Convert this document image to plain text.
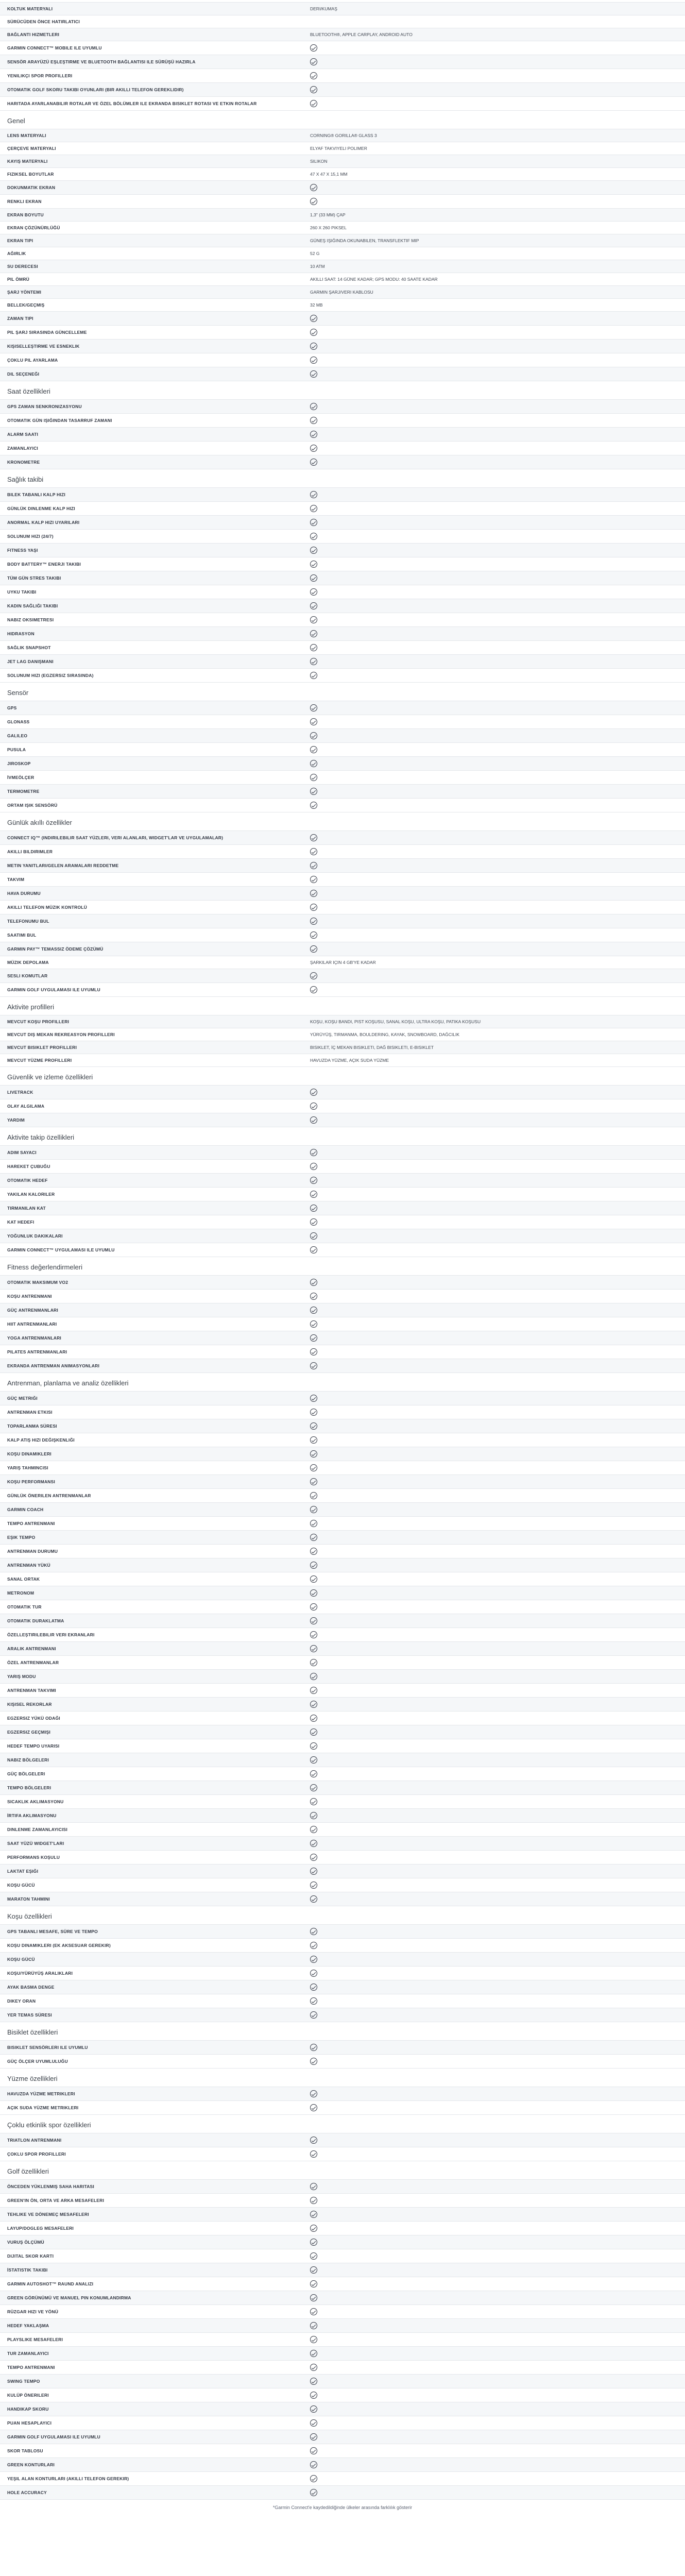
KOLTUK MATERYALI	DERI/KUMAŞ
SÜRÜCÜDEN ÖNCE HATIRLATICI
BAĞLANTI HIZMETLERI	BLUETOOTH®, APPLE CARPLAY, ANDROID AUTO
GARMIN CONNECT™ MOBILE ILE UYUMLU
SENSÖR ARAYÜZÜ EŞLEŞTIRME VE BLUETOOTH BAĞLANTISI ILE SÜRÜŞÜ HAZIRLA
YENILIKÇI SPOR PROFILLERI
OTOMATIK GOLF SKORU TAKIBI OYUNLARI (BIR AKILLI TELEFON GEREKLIDIR)
HARITADA AYARLANABILIR ROTALAR VE ÖZEL BÖLÜMLER ILE EKRANDA BISIKLET ROTASI VE ETKIN ROTALAR
Genel
LENS MATERYALI	CORNING® GORILLA® GLASS 3
ÇERÇEVE MATERYALI	ELYAF TAKVIYELI POLIMER
KAYIŞ MATERYALI	SILIKON
FIZIKSEL BOYUTLAR	47 X 47 X 15,1 MM
DOKUNMATIK EKRAN
RENKLI EKRAN
EKRAN BOYUTU	1,3" (33 MM) ÇAP
EKRAN ÇÖZÜNÜRLÜĞÜ	260 X 260 PIKSEL
EKRAN TIPI	GÜNEŞ IŞIĞINDA OKUNABILEN, TRANSFLEKTIF MIP
AĞIRLIK	52 G
SU DERECESI	10 ATM
PIL ÖMRÜ	AKILLI SAAT: 14 GÜNE KADAR; GPS MODU: 40 SAATE KADAR
ŞARJ YÖNTEMI	GARMIN ŞARJ/VERI KABLOSU
BELLEK/GEÇMIŞ	32 MB
ZAMAN TIPI
PIL ŞARJ SIRASINDA GÜNCELLEME
KIŞISELLEŞTIRME VE ESNEKLIK
ÇOKLU PIL AYARLAMA
DIL SEÇENEĞI
Saat özellikleri
GPS ZAMAN SENKRONIZASYONU
OTOMATIK GÜN IŞIĞINDAN TASARRUF ZAMANI
ALARM SAATI
ZAMANLAYICI
KRONOMETRE
Sağlık takibi
BILEK TABANLI KALP HIZI
GÜNLÜK DINLENME KALP HIZI
ANORMAL KALP HIZI UYARILARI
SOLUNUM HIZI (24/7)
FITNESS YAŞI
BODY BATTERY™ ENERJI TAKIBI
TÜM GÜN STRES TAKIBI
UYKU TAKIBI
KADIN SAĞLIĞI TAKIBI
NABIZ OKSIMETRESI
HIDRASYON
SAĞLIK SNAPSHOT
JET LAG DANIŞMANI
SOLUNUM HIZI (EGZERSIZ SIRASINDA)
Sensör
GPS
GLONASS
GALILEO
PUSULA
JIROSKOP
İVMEÖLÇER
TERMOMETRE
ORTAM IŞIK SENSÖRÜ
Günlük akıllı özellikler
CONNECT IQ™ (INDIRILEBILIR SAAT YÜZLERI, VERI ALANLARI, WIDGET'LAR VE UYGULAMALAR)
AKILLI BILDIRIMLER
METIN YANITLARI/GELEN ARAMALARI REDDETME
TAKVIM
HAVA DURUMU
AKILLI TELEFON MÜZIK KONTROLÜ
TELEFONUMU BUL
SAATIMI BUL
GARMIN PAY™ TEMASSIZ ÖDEME ÇÖZÜMÜ
MÜZIK DEPOLAMA	ŞARKILAR IÇIN 4 GB'YE KADAR
SESLI KOMUTLAR
GARMIN GOLF UYGULAMASI ILE UYUMLU
Aktivite profilleri
MEVCUT KOŞU PROFILLERI	KOŞU, KOŞU BANDI, PIST KOŞUSU, SANAL KOŞU, ULTRA KOŞU, PATIKA KOŞUSU
MEVCUT DIŞ MEKAN REKREASYON PROFILLERI	YÜRÜYÜŞ, TIRMANMA, BOULDERING, KAYAK, SNOWBOARD, DAĞCILIK
MEVCUT BISIKLET PROFILLERI	BISIKLET, İÇ MEKAN BISIKLETI, DAĞ BISIKLETI, E-BISIKLET
MEVCUT YÜZME PROFILLERI	HAVUZDA YÜZME, AÇIK SUDA YÜZME
Güvenlik ve izleme özellikleri
LIVETRACK
OLAY ALGILAMA
YARDIM
Aktivite takip özellikleri
ADIM SAYACI
HAREKET ÇUBUĞU
OTOMATIK HEDEF
YAKILAN KALORILER
TIRMANILAN KAT
KAT HEDEFI
YOĞUNLUK DAKIKALARI
GARMIN CONNECT™ UYGULAMASI ILE UYUMLU
Fitness değerlendirmeleri
OTOMATIK MAKSIMUM VO2
KOŞU ANTRENMANI
GÜÇ ANTRENMANLARI
HIIT ANTRENMANLARI
YOGA ANTRENMANLARI
PILATES ANTRENMANLARI
EKRANDA ANTRENMAN ANIMASYONLARI
Antrenman, planlama ve analiz özellikleri
GÜÇ METRIĞI
ANTRENMAN ETKISI
TOPARLANMA SÜRESI
KALP ATIŞ HIZI DEĞIŞKENLIĞI
KOŞU DINAMIKLERI
YARIŞ TAHMINCISI
KOŞU PERFORMANSI
GÜNLÜK ÖNERILEN ANTRENMANLAR
GARMIN COACH
TEMPO ANTRENMANI
EŞIK TEMPO
ANTRENMAN DURUMU
ANTRENMAN YÜKÜ
SANAL ORTAK
METRONOM
OTOMATIK TUR
OTOMATIK DURAKLATMA
ÖZELLEŞTIRILEBILIR VERI EKRANLARI
ARALIK ANTRENMANI
ÖZEL ANTRENMANLAR
YARIŞ MODU
ANTRENMAN TAKVIMI
KIŞISEL REKORLAR
EGZERSIZ YÜKÜ ODAĞI
EGZERSIZ GEÇMIŞI
HEDEF TEMPO UYARISI
NABIZ BÖLGELERI
GÜÇ BÖLGELERI
TEMPO BÖLGELERI
SICAKLIK AKLIMASYONU
İRTIFA AKLIMASYONU
DINLENME ZAMANLAYICISI
SAAT YÜZÜ WIDGET'LARI
PERFORMANS KOŞULU
LAKTAT EŞIĞI
KOŞU GÜCÜ
MARATON TAHMINI
Koşu özellikleri
GPS TABANLI MESAFE, SÜRE VE TEMPO
KOŞU DINAMIKLERI (EK AKSESUAR GEREKIR)
KOŞU GÜCÜ
KOŞU/YÜRÜYÜŞ ARALIKLARI
AYAK BASMA DENGE
DIKEY ORAN
YER TEMAS SÜRESI
Bisiklet özellikleri
BISIKLET SENSÖRLERI ILE UYUMLU
GÜÇ ÖLÇER UYUMLULUĞU
Yüzme özellikleri
HAVUZDA YÜZME METRIKLERI
AÇIK SUDA YÜZME METRIKLERI
Çoklu etkinlik spor özellikleri
TRIATLON ANTRENMANI
ÇOKLU SPOR PROFILLERI
Golf özellikleri
ÖNCEDEN YÜKLENMIŞ SAHA HARITASI
GREEN'IN ÖN, ORTA VE ARKA MESAFELERI
TEHLIKE VE DÖNEMEÇ MESAFELERI
LAYUP/DOGLEG MESAFELERI
VURUŞ ÖLÇÜMÜ
DIJITAL SKOR KARTI
İSTATISTIK TAKIBI
GARMIN AUTOSHOT™ RAUND ANALIZI
GREEN GÖRÜNÜMÜ VE MANUEL PIN KONUMLANDIRMA
RÜZGAR HIZI VE YÖNÜ
HEDEF YAKLAŞMA
PLAYSLIKE MESAFELERI
TUR ZAMANLAYICI
TEMPO ANTRENMANI
SWING TEMPO
KULÜP ÖNERILERI
HANDIKAP SKORU
PUAN HESAPLAYICI
GARMIN GOLF UYGULAMASI ILE UYUMLU
SKOR TABLOSU
GREEN KONTURLARI
YEŞIL ALAN KONTURLARI (AKILLI TELEFON GEREKIR)
HOLE ACCURACY
*Garmin Connect'e kaydedildiğinde ülkeler arasında farklılık gösterir
